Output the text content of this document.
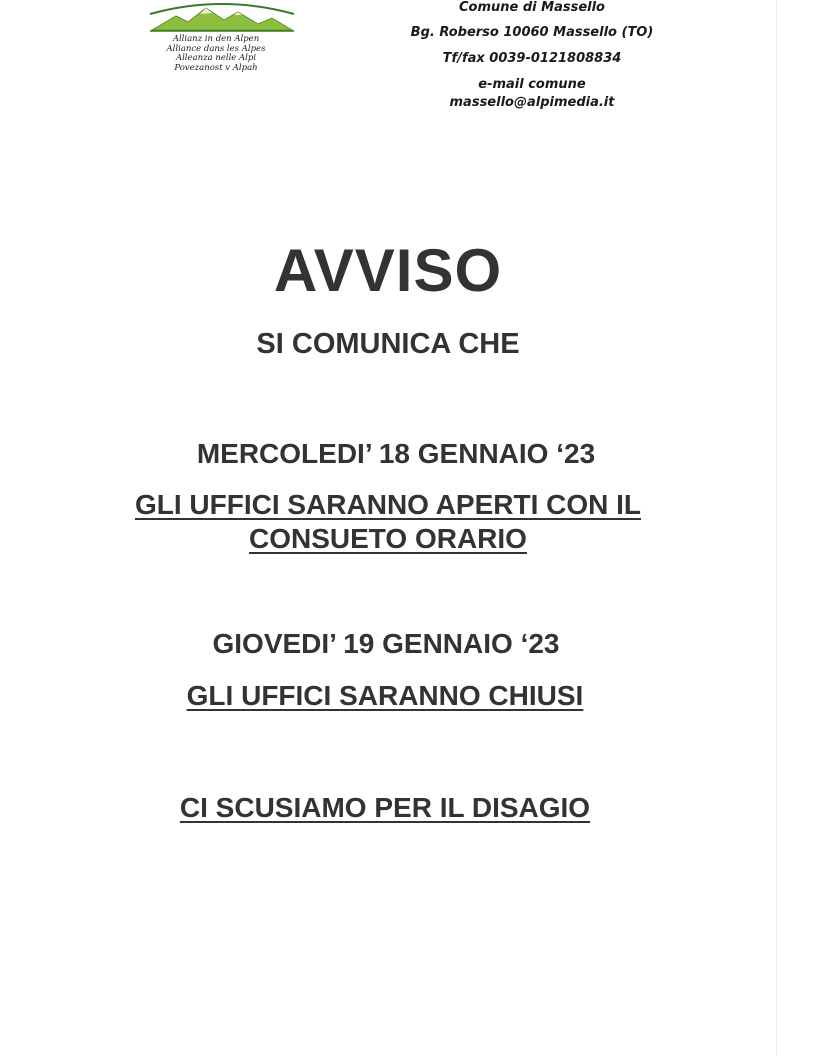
Allianz in den Alpen
Alliance dans les Alpes
Alleanza nelle Alpi
Povezanost v Alpah
Comune di Massello
Bg. Roberso 10060 Massello (TO)
Tf/fax 0039-0121808834
e-mail comune
massello@alpimedia.it
AVVISO
SI COMUNICA CHE
MERCOLEDI’ 18 GENNAIO ‘23
GLI UFFICI SARANNO APERTI CON IL
CONSUETO ORARIO
GIOVEDI’ 19 GENNAIO ‘23
GLI UFFICI SARANNO CHIUSI
CI SCUSIAMO PER IL DISAGIO
